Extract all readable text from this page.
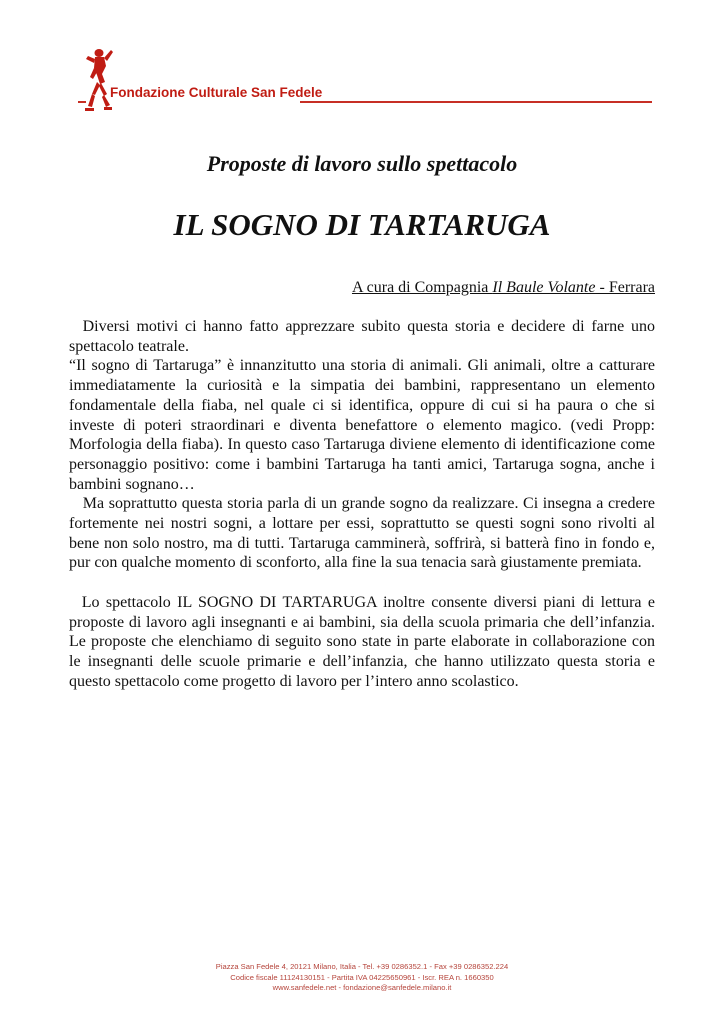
Fondazione Culturale San Fedele
Proposte di lavoro sullo spettacolo
IL SOGNO DI TARTARUGA
A cura di Compagnia Il Baule Volante - Ferrara

Diversi motivi ci hanno fatto apprezzare subito questa storia e decidere di farne uno spettacolo teatrale.

“Il sogno di Tartaruga” è innanzitutto una storia di animali. Gli animali, oltre a catturare immediatamente la curiosità e la simpatia dei bambini, rappresentano un elemento fondamentale della fiaba, nel quale ci si identifica, oppure di cui si ha paura o che si investe di poteri straordinari e diventa benefattore o elemento magico. (vedi Propp: Morfologia della fiaba). In questo caso Tartaruga diviene elemento di identificazione come personaggio positivo: come i bambini Tartaruga ha tanti amici, Tartaruga sogna, anche i bambini sognano…

Ma soprattutto questa storia parla di un grande sogno da realizzare. Ci insegna a credere fortemente nei nostri sogni, a lottare per essi, soprattutto se questi sogni sono rivolti al bene non solo nostro, ma di tutti. Tartaruga camminerà, soffrirà, si batterà fino in fondo e, pur con qualche momento di sconforto, alla fine la sua tenacia sarà giustamente premiata.

Lo spettacolo IL SOGNO DI TARTARUGA inoltre consente diversi piani di lettura e proposte di lavoro agli insegnanti e ai bambini, sia della scuola primaria che dell’infanzia. Le proposte che elenchiamo di seguito sono state in parte elaborate in collaborazione con le insegnanti delle scuole primarie e dell’infanzia, che hanno utilizzato questa storia e questo spettacolo come progetto di lavoro per l’intero anno scolastico.

Piazza San Fedele 4, 20121 Milano, Italia - Tel. +39 0286352.1 - Fax +39 0286352.224
Codice fiscale 11124130151 - Partita IVA 04225650961 - Iscr. REA n. 1660350
www.sanfedele.net - fondazione@sanfedele.milano.it
